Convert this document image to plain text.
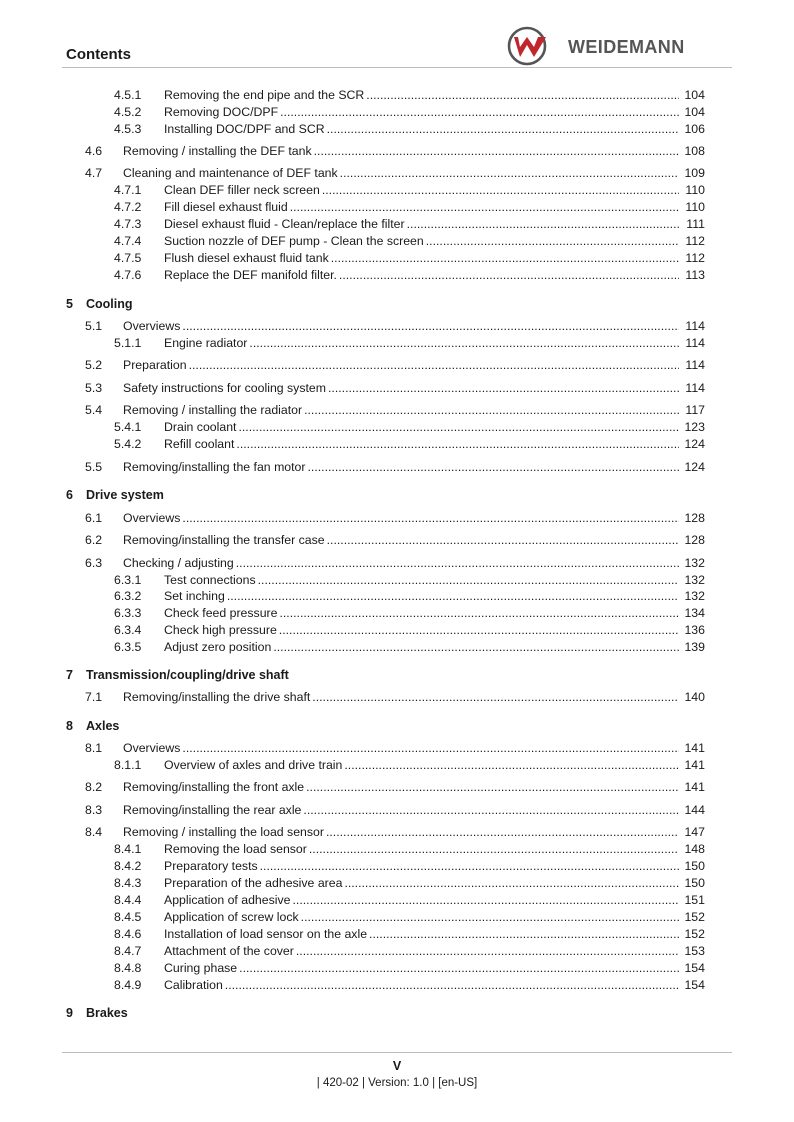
Contents	WEIDEMANN
4.5.1 Removing the end pipe and the SCR .....	104
4.5.2 Removing DOC/DPF .....	104
4.5.3 Installing DOC/DPF and SCR .....	106
4.6 Removing / installing the DEF tank .....	108
4.7 Cleaning and maintenance of DEF tank .....	109
4.7.1 Clean DEF filler neck screen .....	110
4.7.2 Fill diesel exhaust fluid .....	110
4.7.3 Diesel exhaust fluid - Clean/replace the filter .....	111
4.7.4 Suction nozzle of DEF pump - Clean the screen .....	112
4.7.5 Flush diesel exhaust fluid tank .....	112
4.7.6 Replace the DEF manifold filter. .....	113
5 Cooling
5.1 Overviews .....	114
5.1.1 Engine radiator .....	114
5.2 Preparation .....	114
5.3 Safety instructions for cooling system .....	114
5.4 Removing / installing the radiator .....	117
5.4.1 Drain coolant .....	123
5.4.2 Refill coolant .....	124
5.5 Removing/installing the fan motor .....	124
6 Drive system
6.1 Overviews .....	128
6.2 Removing/installing the transfer case .....	128
6.3 Checking / adjusting .....	132
6.3.1 Test connections .....	132
6.3.2 Set inching .....	132
6.3.3 Check feed pressure .....	134
6.3.4 Check high pressure .....	136
6.3.5 Adjust zero position .....	139
7 Transmission/coupling/drive shaft
7.1 Removing/installing the drive shaft .....	140
8 Axles
8.1 Overviews .....	141
8.1.1 Overview of axles and drive train .....	141
8.2 Removing/installing the front axle .....	141
8.3 Removing/installing the rear axle .....	144
8.4 Removing / installing the load sensor .....	147
8.4.1 Removing the load sensor .....	148
8.4.2 Preparatory tests .....	150
8.4.3 Preparation of the adhesive area .....	150
8.4.4 Application of adhesive .....	151
8.4.5 Application of screw lock .....	152
8.4.6 Installation of load sensor on the axle .....	152
8.4.7 Attachment of the cover .....	153
8.4.8 Curing phase .....	154
8.4.9 Calibration .....	154
9 Brakes
V
| 420-02 | Version: 1.0 | [en-US]
